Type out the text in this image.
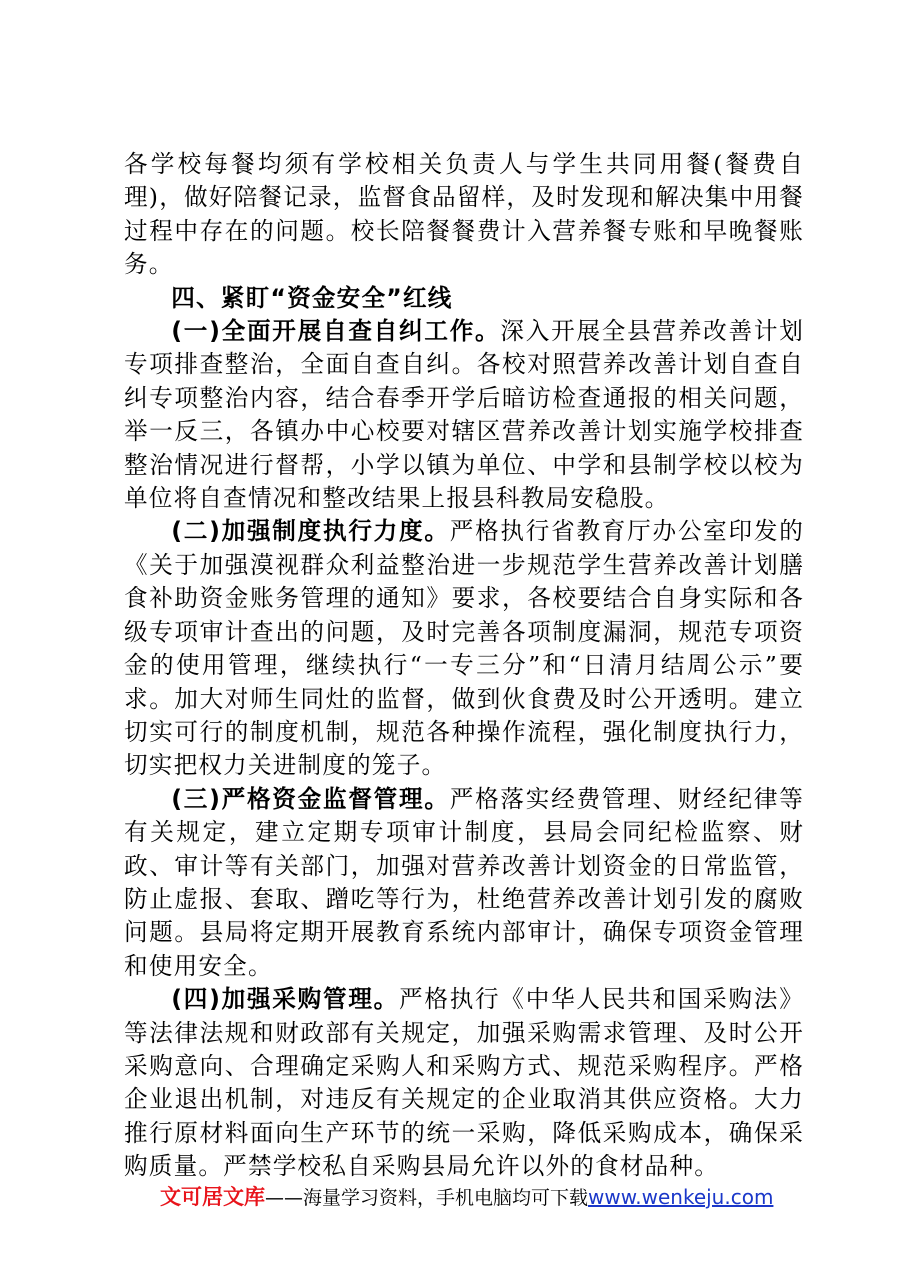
各学校每餐均须有学校相关负责人与学生共同用餐(餐费自理)，做好陪餐记录，监督食品留样，及时发现和解决集中用餐过程中存在的问题。校长陪餐餐费计入营养餐专账和早晚餐账务。

四、紧盯“资金安全”红线

(一)全面开展自查自纠工作。深入开展全县营养改善计划专项排查整治，全面自查自纠。各校对照营养改善计划自查自纠专项整治内容，结合春季开学后暗访检查通报的相关问题，举一反三，各镇办中心校要对辖区营养改善计划实施学校排查整治情况进行督帮，小学以镇为单位、中学和县制学校以校为单位将自查情况和整改结果上报县科教局安稳股。

(二)加强制度执行力度。严格执行省教育厅办公室印发的《关于加强漠视群众利益整治进一步规范学生营养改善计划膳食补助资金账务管理的通知》要求，各校要结合自身实际和各级专项审计查出的问题，及时完善各项制度漏洞，规范专项资金的使用管理，继续执行“一专三分”和“日清月结周公示”要求。加大对师生同灶的监督，做到伙食费及时公开透明。建立切实可行的制度机制，规范各种操作流程，强化制度执行力，切实把权力关进制度的笼子。

(三)严格资金监督管理。严格落实经费管理、财经纪律等有关规定，建立定期专项审计制度，县局会同纪检监察、财政、审计等有关部门，加强对营养改善计划资金的日常监管，防止虚报、套取、蹭吃等行为，杜绝营养改善计划引发的腐败问题。县局将定期开展教育系统内部审计，确保专项资金管理和使用安全。

(四)加强采购管理。严格执行《中华人民共和国采购法》等法律法规和财政部有关规定，加强采购需求管理、及时公开采购意向、合理确定采购人和采购方式、规范采购程序。严格企业退出机制，对违反有关规定的企业取消其供应资格。大力推行原材料面向生产环节的统一采购，降低采购成本，确保采购质量。严禁学校私自采购县局允许以外的食材品种。

文可居文库——海量学习资料，手机电脑均可下载www.wenkeju.com
